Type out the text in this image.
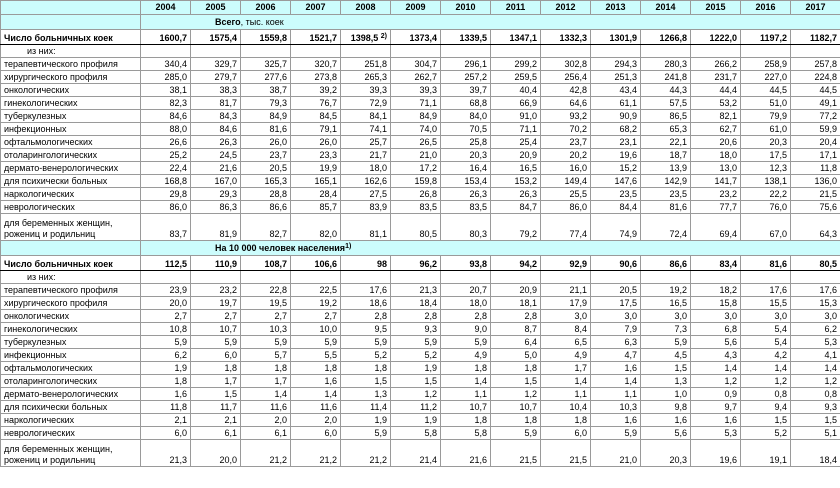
	2004	2005	2006	2007	2008	2009	2010	2011	2012	2013	2014	2015	2016	2017
	Всего, тыс. коек													
Число больничных коек	1600,7	1575,4	1559,8	1521,7	1398,5 $^{2)}$	1373,4	1339,5	1347,1	1332,3	1301,9	1266,8	1222,0	1197,2	1182,7
из них:														
терапевтического профиля	340,4	329,7	325,7	320,7	251,8	304,7	296,1	299,2	302,8	294,3	280,3	266,2	258,9	257,8
хирургического профиля	285,0	279,7	277,6	273,8	265,3	262,7	257,2	259,5	256,4	251,3	241,8	231,7	227,0	224,8
онкологических	38,1	38,3	38,7	39,2	39,3	39,3	39,7	40,4	42,8	43,4	44,3	44,4	44,5	44,5
гинекологических	82,3	81,7	79,3	76,7	72,9	71,1	68,8	66,9	64,6	61,1	57,5	53,2	51,0	49,1
туберкулезных	84,6	84,3	84,9	84,5	84,1	84,9	84,0	91,0	93,2	90,9	86,5	82,1	79,9	77,2
инфекционных	88,0	84,6	81,6	79,1	74,1	74,0	70,5	71,1	70,2	68,2	65,3	62,7	61,0	59,9
офтальмологических	26,6	26,3	26,0	26,0	25,7	26,5	25,8	25,4	23,7	23,1	22,1	20,6	20,3	20,4
отоларингологических	25,2	24,5	23,7	23,3	21,7	21,0	20,3	20,9	20,2	19,6	18,7	18,0	17,5	17,1
дермато-венерологических	22,4	21,6	20,5	19,9	18,0	17,2	16,4	16,5	16,0	15,2	13,9	13,0	12,3	11,8
для психически больных	168,8	167,0	165,3	165,1	162,6	159,8	153,4	153,2	149,4	147,6	142,9	141,7	138,1	136,0
наркологических	29,8	29,3	28,8	28,4	27,5	26,8	26,3	26,3	25,5	23,5	23,5	23,2	22,2	21,5
неврологических	86,0	86,3	86,6	85,7	83,9	83,5	83,5	84,7	86,0	84,4	81,6	77,7	76,0	75,6
для беременных женщин, рожениц и родильниц	83,7	81,9	82,7	82,0	81,1	80,5	80,3	79,2	77,4	74,9	72,4	69,4	67,0	64,3
	На 10 000 человек населения$^{1)}$	
Число больничных коек	112,5	110,9	108,7	106,6	98	96,2	93,8	94,2	92,9	90,6	86,6	83,4	81,6	80,5
из них:														
терапевтического профиля	23,9	23,2	22,8	22,5	17,6	21,3	20,7	20,9	21,1	20,5	19,2	18,2	17,6	17,6
хирургического профиля	20,0	19,7	19,5	19,2	18,6	18,4	18,0	18,1	17,9	17,5	16,5	15,8	15,5	15,3
онкологических	2,7	2,7	2,7	2,7	2,8	2,8	2,8	2,8	3,0	3,0	3,0	3,0	3,0	3,0
гинекологических	10,8	10,7	10,3	10,0	9,5	9,3	9,0	8,7	8,4	7,9	7,3	6,8	5,4	6,2
туберкулезных	5,9	5,9	5,9	5,9	5,9	5,9	5,9	6,4	6,5	6,3	5,9	5,6	5,4	5,3
инфекционных	6,2	6,0	5,7	5,5	5,2	5,2	4,9	5,0	4,9	4,7	4,5	4,3	4,2	4,1
офтальмологических	1,9	1,8	1,8	1,8	1,8	1,9	1,8	1,8	1,7	1,6	1,5	1,4	1,4	1,4
отоларингологических	1,8	1,7	1,7	1,6	1,5	1,5	1,4	1,5	1,4	1,4	1,3	1,2	1,2	1,2
дермато-венерологических	1,6	1,5	1,4	1,4	1,3	1,2	1,1	1,2	1,1	1,1	1,0	0,9	0,8	0,8
для психически больных	11,8	11,7	11,6	11,6	11,4	11,2	10,7	10,7	10,4	10,3	9,8	9,7	9,4	9,3
наркологических	2,1	2,1	2,0	2,0	1,9	1,9	1,8	1,8	1,8	1,6	1,6	1,6	1,5	1,5
неврологических	6,0	6,1	6,1	6,0	5,9	5,8	5,8	5,9	6,0	5,9	5,6	5,3	5,2	5,1
для беременных женщин, рожениц и родильниц	21,3	20,0	21,2	21,2	21,2	21,4	21,6	21,5	21,5	21,0	20,3	19,6	19,1	18,4
